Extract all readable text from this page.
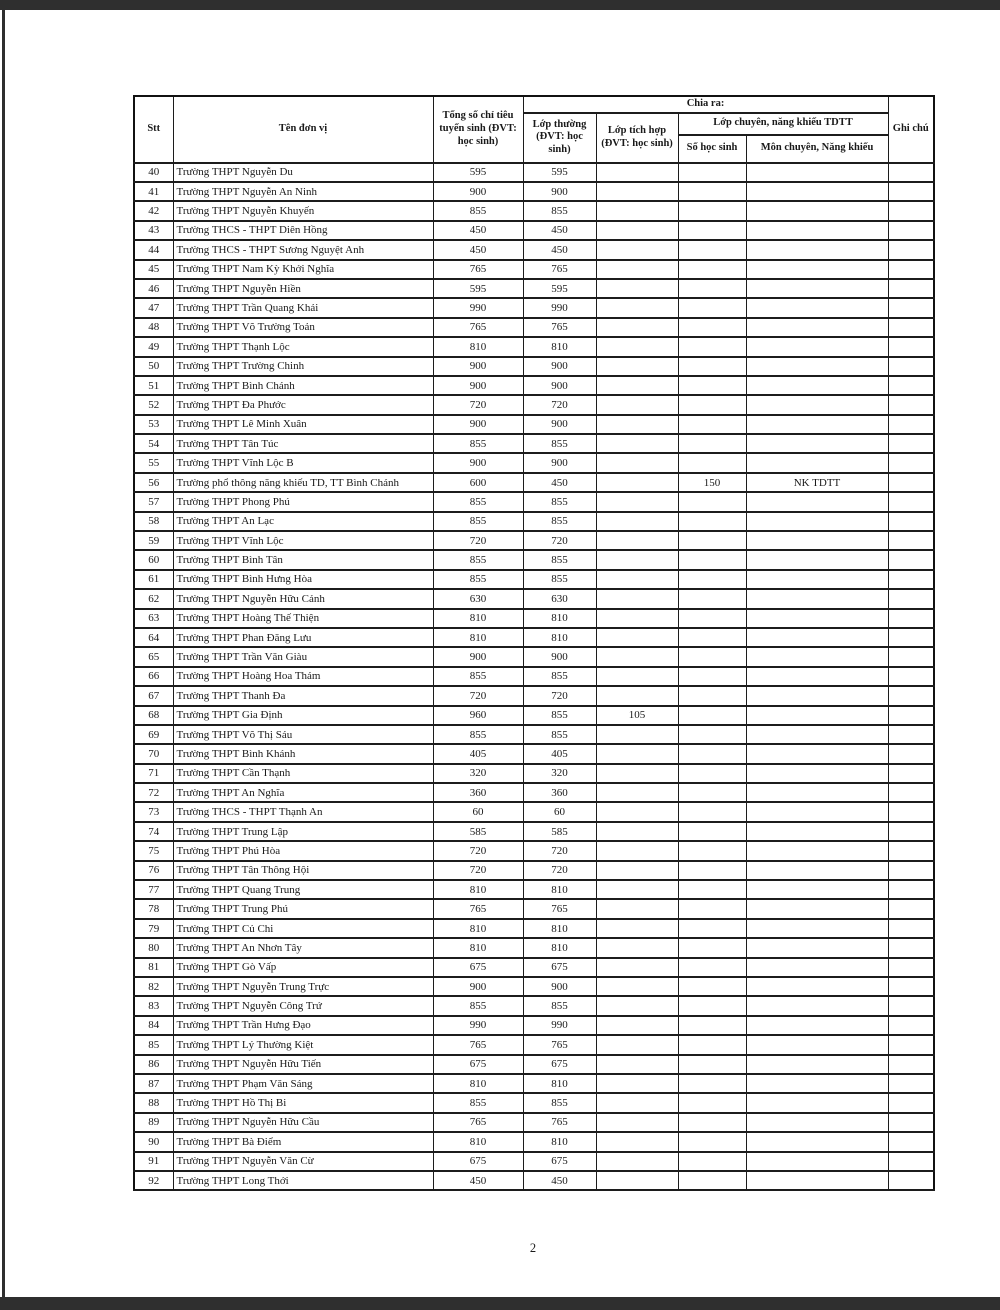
Stt	Tên đơn vị	Tổng số chỉ tiêu tuyển sinh (ĐVT: học sinh)	Chia ra:				Ghi chú
			Lớp thường (ĐVT: học sinh)	Lớp tích hợp (ĐVT: học sinh)	Lớp chuyên, năng khiếu TDTT		
					Số học sinh	Môn chuyên, Năng khiếu	
40	Trường THPT Nguyễn Du	595	595				
41	Trường THPT Nguyễn An Ninh	900	900				
42	Trường THPT Nguyễn Khuyến	855	855				
43	Trường THCS - THPT Diên Hồng	450	450				
44	Trường THCS - THPT Sương Nguyệt Anh	450	450				
45	Trường THPT Nam Kỳ Khởi Nghĩa	765	765				
46	Trường THPT Nguyễn Hiền	595	595				
47	Trường THPT Trần Quang Khải	990	990				
48	Trường THPT Võ Trường Toản	765	765				
49	Trường THPT Thạnh Lộc	810	810				
50	Trường THPT Trường Chinh	900	900				
51	Trường THPT Bình Chánh	900	900				
52	Trường THPT Đa Phước	720	720				
53	Trường THPT Lê Minh Xuân	900	900				
54	Trường THPT Tân Túc	855	855				
55	Trường THPT Vĩnh Lộc B	900	900				
56	Trường phổ thông năng khiếu TD, TT Bình Chánh	600	450		150	NK TDTT	
57	Trường THPT Phong Phú	855	855				
58	Trường THPT An Lạc	855	855				
59	Trường THPT Vĩnh Lộc	720	720				
60	Trường THPT Bình Tân	855	855				
61	Trường THPT Bình Hưng Hòa	855	855				
62	Trường THPT Nguyễn Hữu Cảnh	630	630				
63	Trường THPT Hoàng Thế Thiện	810	810				
64	Trường THPT Phan Đăng Lưu	810	810				
65	Trường THPT Trần Văn Giàu	900	900				
66	Trường THPT Hoàng Hoa Thám	855	855				
67	Trường THPT Thanh Đa	720	720				
68	Trường THPT Gia Định	960	855	105			
69	Trường THPT Võ Thị Sáu	855	855				
70	Trường THPT Bình Khánh	405	405				
71	Trường THPT Cần Thạnh	320	320				
72	Trường THPT An Nghĩa	360	360				
73	Trường THCS - THPT Thạnh An	60	60				
74	Trường THPT Trung Lập	585	585				
75	Trường THPT Phú Hòa	720	720				
76	Trường THPT Tân Thông Hội	720	720				
77	Trường THPT Quang Trung	810	810				
78	Trường THPT Trung Phú	765	765				
79	Trường THPT Củ Chi	810	810				
80	Trường THPT An Nhơn Tây	810	810				
81	Trường THPT Gò Vấp	675	675				
82	Trường THPT Nguyễn Trung Trực	900	900				
83	Trường THPT Nguyễn Công Trứ	855	855				
84	Trường THPT Trần Hưng Đạo	990	990				
85	Trường THPT Lý Thường Kiệt	765	765				
86	Trường THPT Nguyễn Hữu Tiến	675	675				
87	Trường THPT Phạm Văn Sáng	810	810				
88	Trường THPT Hồ Thị Bi	855	855				
89	Trường THPT Nguyễn Hữu Cầu	765	765				
90	Trường THPT Bà Điểm	810	810				
91	Trường THPT Nguyễn Văn Cừ	675	675				
92	Trường THPT Long Thới	450	450				
2
